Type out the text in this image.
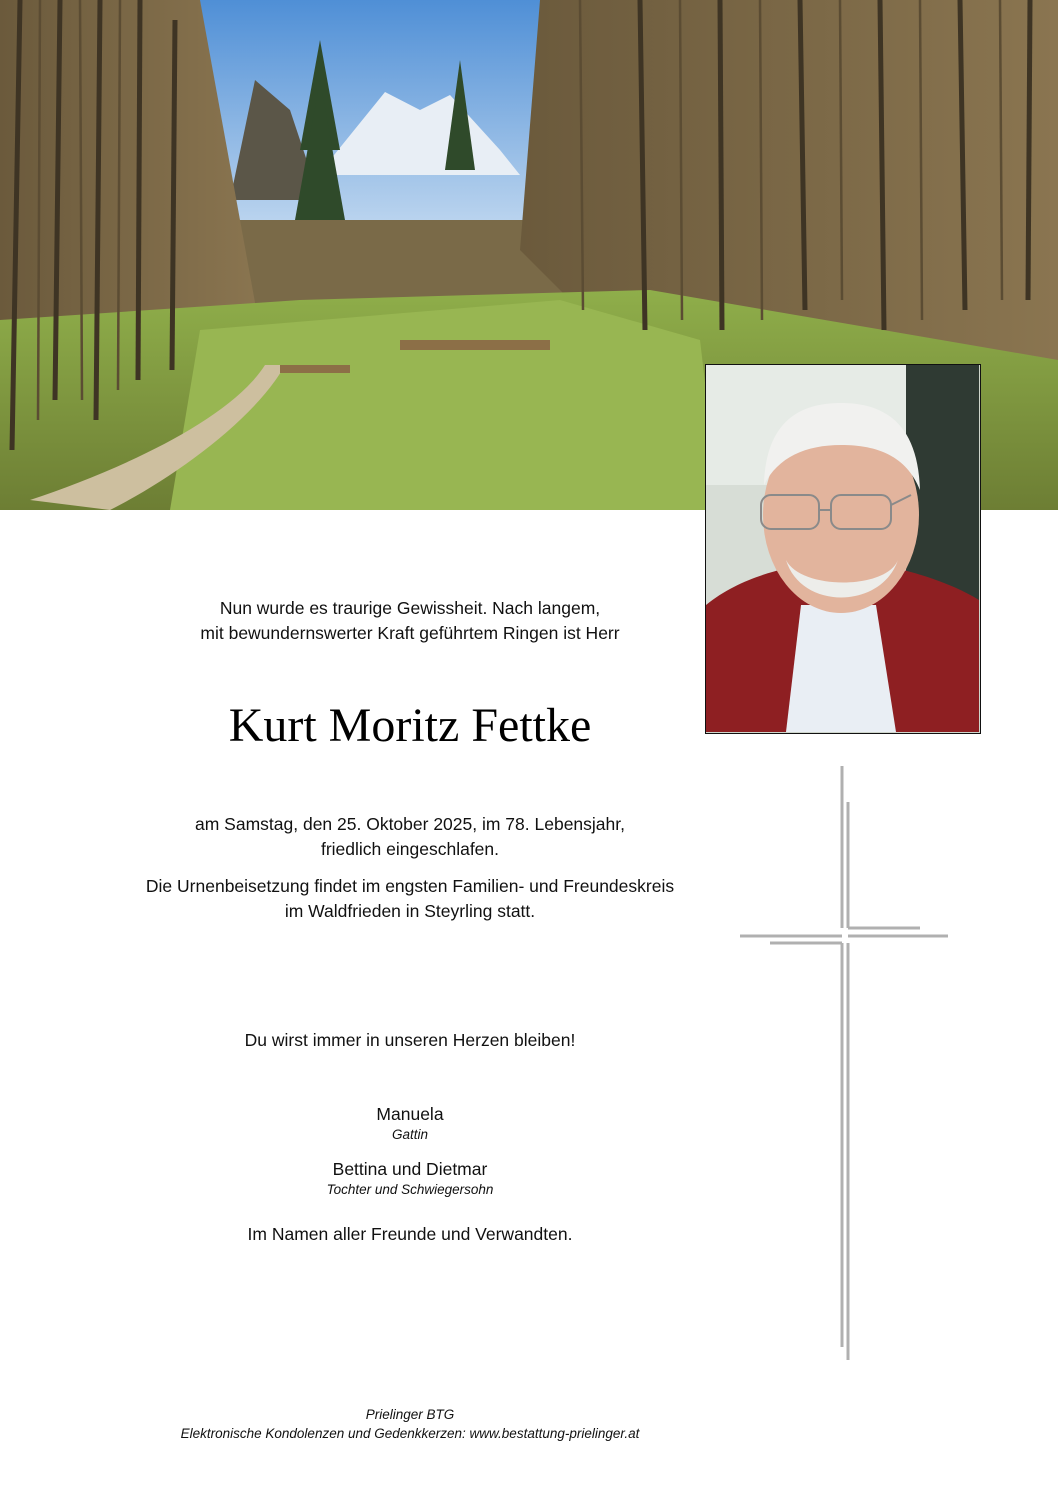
Nun wurde es traurige Gewissheit. Nach langem,
mit bewundernswerter Kraft geführtem Ringen ist Herr
Kurt Moritz Fettke
am Samstag, den 25. Oktober 2025, im 78. Lebensjahr,
friedlich eingeschlafen.
Die Urnenbeisetzung findet im engsten Familien- und Freundeskreis
im Waldfrieden in Steyrling statt.
Du wirst immer in unseren Herzen bleiben!
Manuela
Gattin
Bettina und Dietmar
Tochter und Schwiegersohn
Im Namen aller Freunde und Verwandten.
Prielinger BTG
Elektronische Kondolenzen und Gedenkkerzen: www.bestattung-prielinger.at
